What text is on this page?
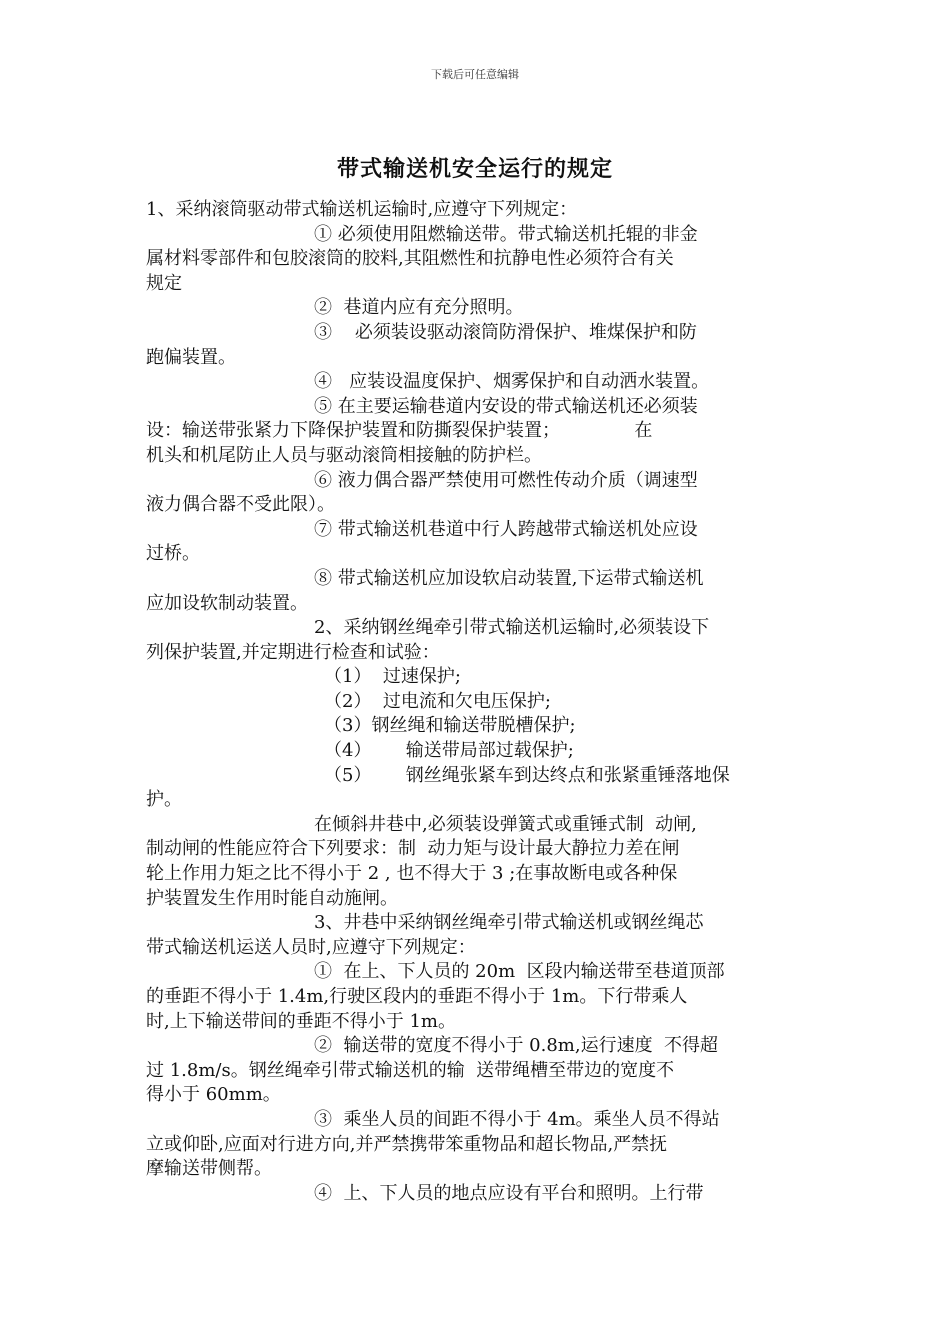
下载后可任意编辑
带式输送机安全运行的规定
1、采纳滚筒驱动带式输送机运输时,应遵守下列规定：
① 必须使用阻燃输送带。带式输送机托辊的非金
属材料零部件和包胶滚筒的胶料,其阻燃性和抗静电性必须符合有关
规定
②  巷道内应有充分照明。
③    必须装设驱动滚筒防滑保护、堆煤保护和防
跑偏装置。
④   应装设温度保护、烟雾保护和自动洒水装置。
⑤ 在主要运输巷道内安设的带式输送机还必须装
设：输送带张紧力下降保护装置和防撕裂保护装置；             在
机头和机尾防止人员与驱动滚筒相接触的防护栏。
⑥ 液力偶合器严禁使用可燃性传动介质（调速型
液力偶合器不受此限）。
⑦ 带式输送机巷道中行人跨越带式输送机处应设
过桥。
⑧ 带式输送机应加设软启动装置,下运带式输送机
应加设软制动装置。
2、采纳钢丝绳牵引带式输送机运输时,必须装设下
列保护装置,并定期进行检查和试验：
（1）  过速保护;
（2）  过电流和欠电压保护;
（3）钢丝绳和输送带脱槽保护;
（4）      输送带局部过载保护;
（5）      钢丝绳张紧车到达终点和张紧重锤落地保
护。
在倾斜井巷中,必须装设弹簧式或重锤式制  动闸,
制动闸的性能应符合下列要求：制  动力矩与设计最大静拉力差在闸
轮上作用力矩之比不得小于 2 , 也不得大于 3 ;在事故断电或各种保
护装置发生作用时能自动施闸。
3、井巷中采纳钢丝绳牵引带式输送机或钢丝绳芯
带式输送机运送人员时,应遵守下列规定：
①  在上、下人员的 20m  区段内输送带至巷道顶部
的垂距不得小于 1.4m,行驶区段内的垂距不得小于 1m。下行带乘人
时,上下输送带间的垂距不得小于 1m。
②  输送带的宽度不得小于 0.8m,运行速度  不得超
过 1.8m/s。钢丝绳牵引带式输送机的输  送带绳槽至带边的宽度不
得小于 60mm。
③  乘坐人员的间距不得小于 4m。乘坐人员不得站
立或仰卧,应面对行进方向,并严禁携带笨重物品和超长物品,严禁抚
摩输送带侧帮。
④  上、下人员的地点应设有平台和照明。上行带
